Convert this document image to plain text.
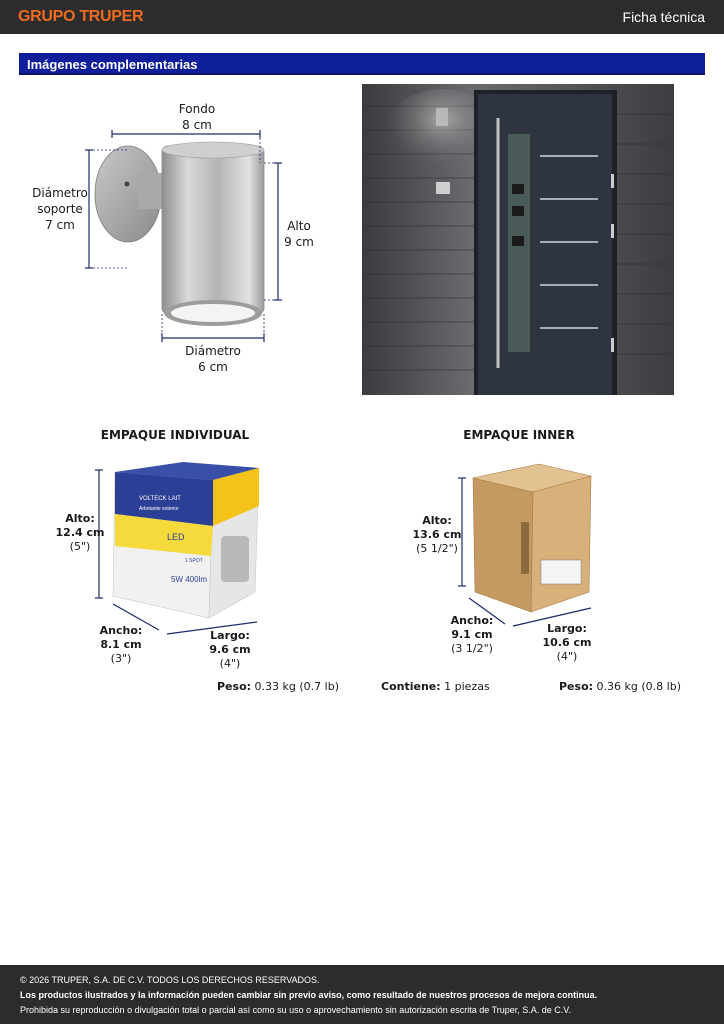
GRUPO TRUPER	Ficha técnica
Imágenes complementarias
Fondo
8 cm
Diámetro
soporte
7 cm	Alto
9 cm
Diámetro
6 cm
EMPAQUE INDIVIDUAL	EMPAQUE INNER
VOLTECK LAIT
Arbotante exterior
LED
1 SPOT
5W 400lm
Alto:
12.4 cm
(5")
Ancho:
8.1 cm
(3")
Largo:
9.6 cm
(4")
Peso: 0.33 kg (0.7 lb)
Alto:
13.6 cm
(5 1/2")
Ancho:
9.1 cm
(3 1/2")
Largo:
10.6 cm
(4")
Contiene: 1 piezas	Peso: 0.36 kg (0.8 lb)
© 2026 TRUPER, S.A. DE C.V. TODOS LOS DERECHOS RESERVADOS.
Los productos ilustrados y la información pueden cambiar sin previo aviso, como resultado de nuestros procesos de mejora continua.
Prohibida su reproducción o divulgación total o parcial así como su uso o aprovechamiento sin autorización escrita de Truper, S.A. de C.V.
